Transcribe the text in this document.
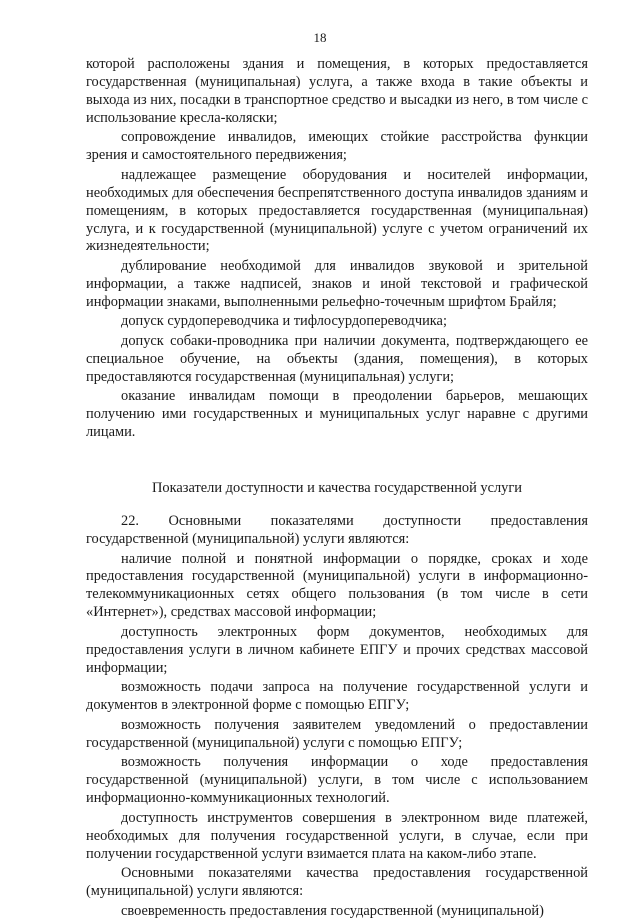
18

которой расположены здания и помещения, в которых предоставляется государственная (муниципальная) услуга, а также входа в такие объекты и выхода из них, посадки в транспортное средство и высадки из него, в том числе с использование кресла-коляски;

сопровождение инвалидов, имеющих стойкие расстройства функции зрения и самостоятельного передвижения;

надлежащее размещение оборудования и носителей информации, необходимых для обеспечения беспрепятственного доступа инвалидов зданиям и помещениям, в которых предоставляется государственная (муниципальная) услуга, и к государственной (муниципальной) услуге с учетом ограничений их жизнедеятельности;

дублирование необходимой для инвалидов звуковой и зрительной информации, а также надписей, знаков и иной текстовой и графической информации знаками, выполненными рельефно-точечным шрифтом Брайля;

допуск сурдопереводчика и тифлосурдопереводчика;

допуск собаки-проводника при наличии документа, подтверждающего ее специальное обучение, на объекты (здания, помещения), в которых предоставляются государственная (муниципальная) услуги;

оказание инвалидам помощи в преодолении барьеров, мешающих получению ими государственных и муниципальных услуг наравне с другими лицами.

Показатели доступности и качества государственной услуги

22. Основными показателями доступности предоставления государственной (муниципальной) услуги являются:

наличие полной и понятной информации о порядке, сроках и ходе предоставления государственной (муниципальной) услуги в информационно-телекоммуникационных сетях общего пользования (в том числе в сети «Интернет»), средствах массовой информации;

доступность электронных форм документов, необходимых для предоставления услуги в личном кабинете ЕПГУ и прочих средствах массовой информации;

возможность подачи запроса на получение государственной услуги и документов в электронной форме с помощью ЕПГУ;

возможность получения заявителем уведомлений о предоставлении государственной (муниципальной) услуги с помощью ЕПГУ;

возможность получения информации о ходе предоставления государственной (муниципальной) услуги, в том числе с использованием информационно-коммуникационных технологий.

доступность инструментов совершения в электронном виде платежей, необходимых для получения государственной услуги, в случае, если при получении государственной услуги взимается плата на каком-либо этапе.

Основными показателями качества предоставления государственной (муниципальной) услуги являются:

своевременность предоставления государственной (муниципальной)
